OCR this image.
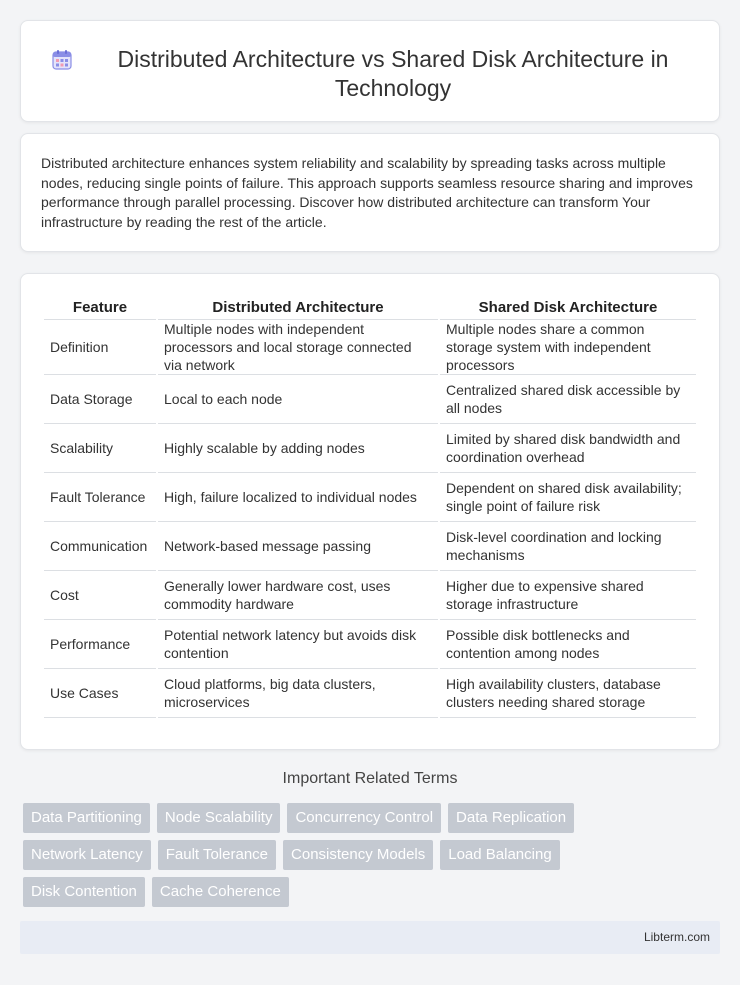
Distributed Architecture vs Shared Disk Architecture in Technology

Distributed architecture enhances system reliability and scalability by spreading tasks across multiple nodes, reducing single points of failure. This approach supports seamless resource sharing and improves performance through parallel processing. Discover how distributed architecture can transform Your infrastructure by reading the rest of the article.

Feature	Distributed Architecture	Shared Disk Architecture
Definition	Multiple nodes with independent processors and local storage connected via network	Multiple nodes share a common storage system with independent processors
Data Storage	Local to each node	Centralized shared disk accessible by all nodes
Scalability	Highly scalable by adding nodes	Limited by shared disk bandwidth and coordination overhead
Fault Tolerance	High, failure localized to individual nodes	Dependent on shared disk availability; single point of failure risk
Communication	Network-based message passing	Disk-level coordination and locking mechanisms
Cost	Generally lower hardware cost, uses commodity hardware	Higher due to expensive shared storage infrastructure
Performance	Potential network latency but avoids disk contention	Possible disk bottlenecks and contention among nodes
Use Cases	Cloud platforms, big data clusters, microservices	High availability clusters, database clusters needing shared storage
Important Related Terms
Data Partitioning	Node Scalability	Concurrency Control	Data Replication
Network Latency	Fault Tolerance	Consistency Models	Load Balancing
Disk Contention	Cache Coherence
Libterm.com
